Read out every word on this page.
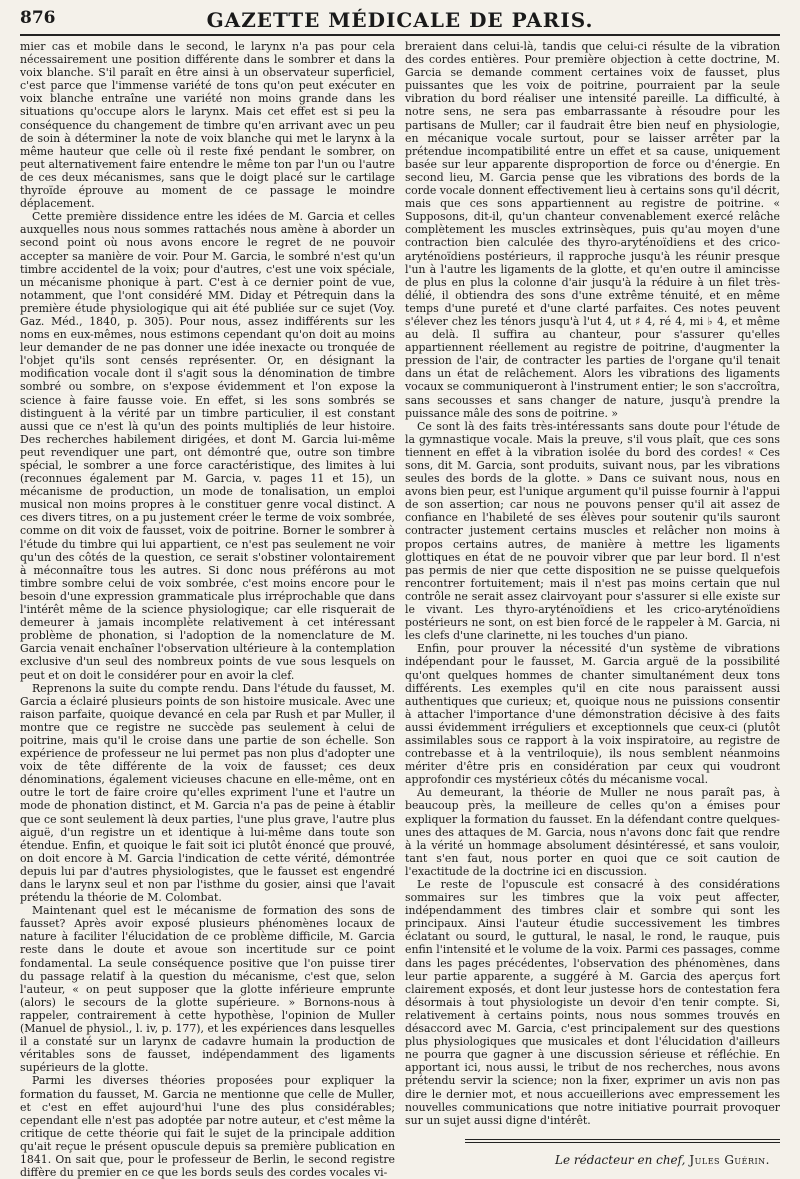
876	GAZETTE MÉDICALE DE PARIS.

mier cas et mobile dans le second, le larynx n'a pas pour cela nécessairement une position différente dans le sombrer et dans la voix blanche. S'il paraît en être ainsi à un observateur superficiel, c'est parce que l'immense variété de tons qu'on peut exécuter en voix blanche entraîne une variété non moins grande dans les situations qu'occupe alors le larynx. Mais cet effet est si peu la conséquence du changement de timbre qu'en arrivant avec un peu de soin à déterminer la note de voix blanche qui met le larynx à la même hauteur que celle où il reste fixé pendant le sombrer, on peut alternativement faire entendre le même ton par l'un ou l'autre de ces deux mécanismes, sans que le doigt placé sur le cartilage thyroïde éprouve au moment de ce passage le moindre déplacement.

Cette première dissidence entre les idées de M. Garcia et celles auxquelles nous nous sommes rattachés nous amène à aborder un second point où nous avons encore le regret de ne pouvoir accepter sa manière de voir. Pour M. Garcia, le sombré n'est qu'un timbre accidentel de la voix; pour d'autres, c'est une voix spéciale, un mécanisme phonique à part. C'est à ce dernier point de vue, notamment, que l'ont considéré MM. Diday et Pétrequin dans la première étude physiologique qui ait été publiée sur ce sujet (Voy. Gaz. Méd., 1840, p. 305). Pour nous, assez indifférents sur les noms en eux-mêmes, nous estimons cependant qu'on doit au moins leur demander de ne pas donner une idée inexacte ou tronquée de l'objet qu'ils sont censés représenter. Or, en désignant la modification vocale dont il s'agit sous la dénomination de timbre sombré ou sombre, on s'expose évidemment et l'on expose la science à faire fausse voie. En effet, si les sons sombrés se distinguent à la vérité par un timbre particulier, il est constant aussi que ce n'est là qu'un des points multipliés de leur histoire. Des recherches habilement dirigées, et dont M. Garcia lui-même peut revendiquer une part, ont démontré que, outre son timbre spécial, le sombrer a une force caractéristique, des limites à lui (reconnues également par M. Garcia, v. pages 11 et 15), un mécanisme de production, un mode de tonalisation, un emploi musical non moins propres à le constituer genre vocal distinct. A ces divers titres, on a pu justement créer le terme de voix sombrée, comme on dit voix de fausset, voix de poitrine. Borner le sombrer à l'étude du timbre qui lui appartient, ce n'est pas seulement ne voir qu'un des côtés de la question, ce serait s'obstiner volontairement à méconnaître tous les autres. Si donc nous préférons au mot timbre sombre celui de voix sombrée, c'est moins encore pour le besoin d'une expression grammaticale plus irréprochable que dans l'intérêt même de la science physiologique; car elle risquerait de demeurer à jamais incomplète relativement à cet intéressant problème de phonation, si l'adoption de la nomenclature de M. Garcia venait enchaîner l'observation ultérieure à la contemplation exclusive d'un seul des nombreux points de vue sous lesquels on peut et on doit le considérer pour en avoir la clef.

Reprenons la suite du compte rendu. Dans l'étude du fausset, M. Garcia a éclairé plusieurs points de son histoire musicale. Avec une raison parfaite, quoique devancé en cela par Rush et par Muller, il montre que ce registre ne succède pas seulement à celui de poitrine, mais qu'il le croise dans une partie de son échelle. Son expérience de professeur ne lui permet pas non plus d'adopter une voix de tête différente de la voix de fausset; ces deux dénominations, également vicieuses chacune en elle-même, ont en outre le tort de faire croire qu'elles expriment l'une et l'autre un mode de phonation distinct, et M. Garcia n'a pas de peine à établir que ce sont seulement là deux parties, l'une plus grave, l'autre plus aiguë, d'un registre un et identique à lui-même dans toute son étendue. Enfin, et quoique le fait soit ici plutôt énoncé que prouvé, on doit encore à M. Garcia l'indication de cette vérité, démontrée depuis lui par d'autres physiologistes, que le fausset est engendré dans le larynx seul et non par l'isthme du gosier, ainsi que l'avait prétendu la théorie de M. Colombat.

Maintenant quel est le mécanisme de formation des sons de fausset? Après avoir exposé plusieurs phénomènes locaux de nature à faciliter l'élucidation de ce problème difficile, M. Garcia reste dans le doute et avoue son incertitude sur ce point fondamental. La seule conséquence positive que l'on puisse tirer du passage relatif à la question du mécanisme, c'est que, selon l'auteur, « on peut supposer que la glotte inférieure emprunte (alors) le secours de la glotte supérieure. » Bornons-nous à rappeler, contrairement à cette hypothèse, l'opinion de Muller (Manuel de physiol., l. iv, p. 177), et les expériences dans lesquelles il a constaté sur un larynx de cadavre humain la production de véritables sons de fausset, indépendamment des ligaments supérieurs de la glotte.

Parmi les diverses théories proposées pour expliquer la formation du fausset, M. Garcia ne mentionne que celle de Muller, et c'est en effet aujourd'hui l'une des plus considérables; cependant elle n'est pas adoptée par notre auteur, et c'est même la critique de cette théorie qui fait le sujet de la principale addition qu'ait reçue le présent opuscule depuis sa première publication en 1841. On sait que, pour le professeur de Berlin, le second registre diffère du premier en ce que les bords seuls des cordes vocales vi-

breraient dans celui-là, tandis que celui-ci résulte de la vibration des cordes entières. Pour première objection à cette doctrine, M. Garcia se demande comment certaines voix de fausset, plus puissantes que les voix de poitrine, pourraient par la seule vibration du bord réaliser une intensité pareille. La difficulté, à notre sens, ne sera pas embarrassante à résoudre pour les partisans de Muller; car il faudrait être bien neuf en physiologie, en mécanique vocale surtout, pour se laisser arrêter par la prétendue incompatibilité entre un effet et sa cause, uniquement basée sur leur apparente disproportion de force ou d'énergie. En second lieu, M. Garcia pense que les vibrations des bords de la corde vocale donnent effectivement lieu à certains sons qu'il décrit, mais que ces sons appartiennent au registre de poitrine. « Supposons, dit-il, qu'un chanteur convenablement exercé relâche complètement les muscles extrinsèques, puis qu'au moyen d'une contraction bien calculée des thyro-aryténoïdiens et des crico-aryténoïdiens postérieurs, il rapproche jusqu'à les réunir presque l'un à l'autre les ligaments de la glotte, et qu'en outre il amincisse de plus en plus la colonne d'air jusqu'à la réduire à un filet très-délié, il obtiendra des sons d'une extrême ténuité, et en même temps d'une pureté et d'une clarté parfaites. Ces notes peuvent s'élever chez les ténors jusqu'à l'ut 4, ut ♯ 4, ré 4, mi ♭ 4, et même au delà. Il suffira au chanteur, pour s'assurer qu'elles appartiennent réellement au registre de poitrine, d'augmenter la pression de l'air, de contracter les parties de l'organe qu'il tenait dans un état de relâchement. Alors les vibrations des ligaments vocaux se communiqueront à l'instrument entier; le son s'accroîtra, sans secousses et sans changer de nature, jusqu'à prendre la puissance mâle des sons de poitrine. »

Ce sont là des faits très-intéressants sans doute pour l'étude de la gymnastique vocale. Mais la preuve, s'il vous plaît, que ces sons tiennent en effet à la vibration isolée du bord des cordes! « Ces sons, dit M. Garcia, sont produits, suivant nous, par les vibrations seules des bords de la glotte. » Dans ce suivant nous, nous en avons bien peur, est l'unique argument qu'il puisse fournir à l'appui de son assertion; car nous ne pouvons penser qu'il ait assez de confiance en l'habileté de ses élèves pour soutenir qu'ils sauront contracter justement certains muscles et relâcher non moins à propos certains autres, de manière à mettre les ligaments glottiques en état de ne pouvoir vibrer que par leur bord. Il n'est pas permis de nier que cette disposition ne se puisse quelquefois rencontrer fortuitement; mais il n'est pas moins certain que nul contrôle ne serait assez clairvoyant pour s'assurer si elle existe sur le vivant. Les thyro-aryténoïdiens et les crico-aryténoïdiens postérieurs ne sont, on est bien forcé de le rappeler à M. Garcia, ni les clefs d'une clarinette, ni les touches d'un piano.

Enfin, pour prouver la nécessité d'un système de vibrations indépendant pour le fausset, M. Garcia arguë de la possibilité qu'ont quelques hommes de chanter simultanément deux tons différents. Les exemples qu'il en cite nous paraissent aussi authentiques que curieux; et, quoique nous ne puissions consentir à attacher l'importance d'une démonstration décisive à des faits aussi évidemment irréguliers et exceptionnels que ceux-ci (plutôt assimilables sous ce rapport à la voix inspiratoire, au registre de contrebasse et à la ventriloquie), ils nous semblent néanmoins mériter d'être pris en considération par ceux qui voudront approfondir ces mystérieux côtés du mécanisme vocal.

Au demeurant, la théorie de Muller ne nous paraît pas, à beaucoup près, la meilleure de celles qu'on a émises pour expliquer la formation du fausset. En la défendant contre quelques-unes des attaques de M. Garcia, nous n'avons donc fait que rendre à la vérité un hommage absolument désintéressé, et sans vouloir, tant s'en faut, nous porter en quoi que ce soit caution de l'exactitude de la doctrine ici en discussion.

Le reste de l'opuscule est consacré à des considérations sommaires sur les timbres que la voix peut affecter, indépendamment des timbres clair et sombre qui sont les principaux. Ainsi l'auteur étudie successivement les timbres éclatant ou sourd, le guttural, le nasal, le rond, le rauque, puis enfin l'intensité et le volume de la voix. Parmi ces passages, comme dans les pages précédentes, l'observation des phénomènes, dans leur partie apparente, a suggéré à M. Garcia des aperçus fort clairement exposés, et dont leur justesse hors de contestation fera désormais à tout physiologiste un devoir d'en tenir compte. Si, relativement à certains points, nous nous sommes trouvés en désaccord avec M. Garcia, c'est principalement sur des questions plus physiologiques que musicales et dont l'élucidation d'ailleurs ne pourra que gagner à une discussion sérieuse et réfléchie. En apportant ici, nous aussi, le tribut de nos recherches, nous avons prétendu servir la science; non la fixer, exprimer un avis non pas dire le dernier mot, et nous accueillerions avec empressement les nouvelles communications que notre initiative pourrait provoquer sur un sujet aussi digne d'intérêt.

Le rédacteur en chef, Jules Guérin.
